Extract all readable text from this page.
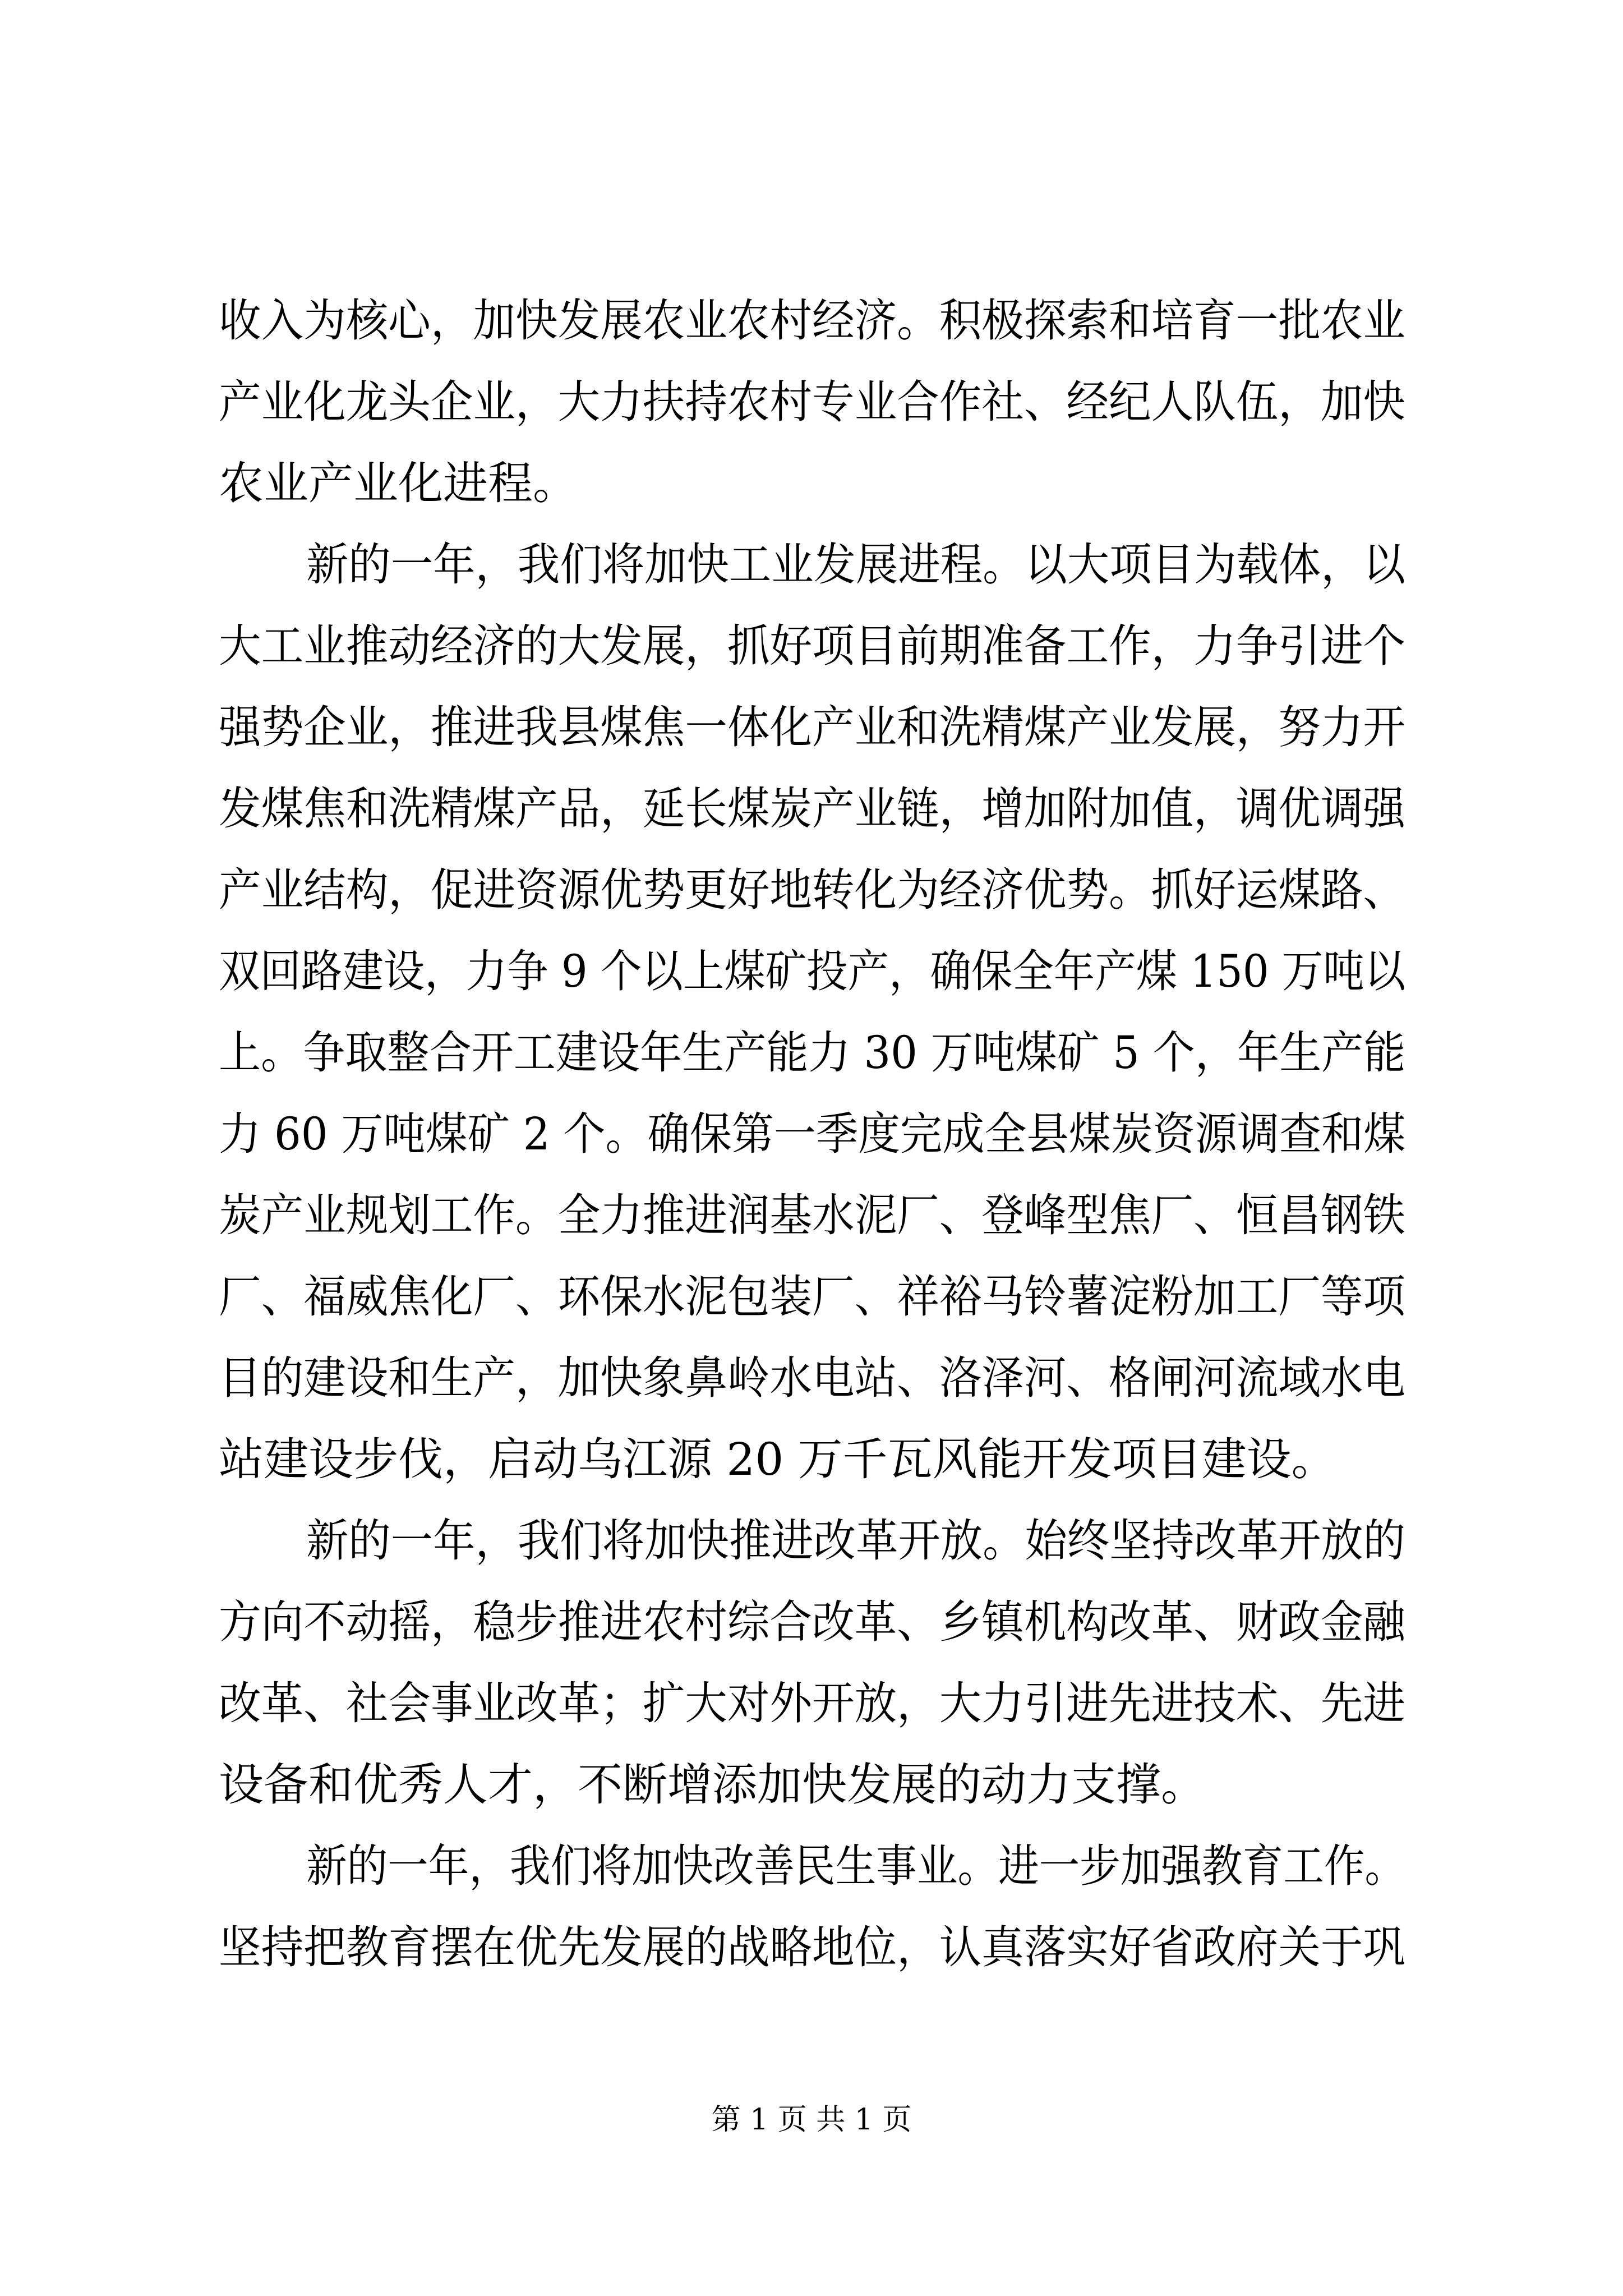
收入为核心，加快发展农业农村经济。积极探索和培育一批农业

产业化龙头企业，大力扶持农村专业合作社、经纪人队伍，加快

农业产业化进程。

新的一年，我们将加快工业发展进程。以大项目为载体，以

大工业推动经济的大发展，抓好项目前期准备工作，力争引进个

强势企业，推进我县煤焦一体化产业和洗精煤产业发展，努力开

发煤焦和洗精煤产品，延长煤炭产业链，增加附加值，调优调强

产业结构，促进资源优势更好地转化为经济优势。抓好运煤路、

双回路建设，力争 9 个以上煤矿投产，确保全年产煤 150 万吨以

上。争取整合开工建设年生产能力 30 万吨煤矿 5 个，年生产能

力 60 万吨煤矿 2 个。确保第一季度完成全县煤炭资源调查和煤

炭产业规划工作。全力推进润基水泥厂、登峰型焦厂、恒昌钢铁

厂、福威焦化厂、环保水泥包装厂、祥裕马铃薯淀粉加工厂等项

目的建设和生产，加快象鼻岭水电站、洛泽河、格闸河流域水电

站建设步伐，启动乌江源 20 万千瓦风能开发项目建设。

新的一年，我们将加快推进改革开放。始终坚持改革开放的

方向不动摇，稳步推进农村综合改革、乡镇机构改革、财政金融

改革、社会事业改革；扩大对外开放，大力引进先进技术、先进

设备和优秀人才，不断增添加快发展的动力支撑。

新的一年，我们将加快改善民生事业。进一步加强教育工作。

坚持把教育摆在优先发展的战略地位，认真落实好省政府关于巩

第 1 页 共 1 页
